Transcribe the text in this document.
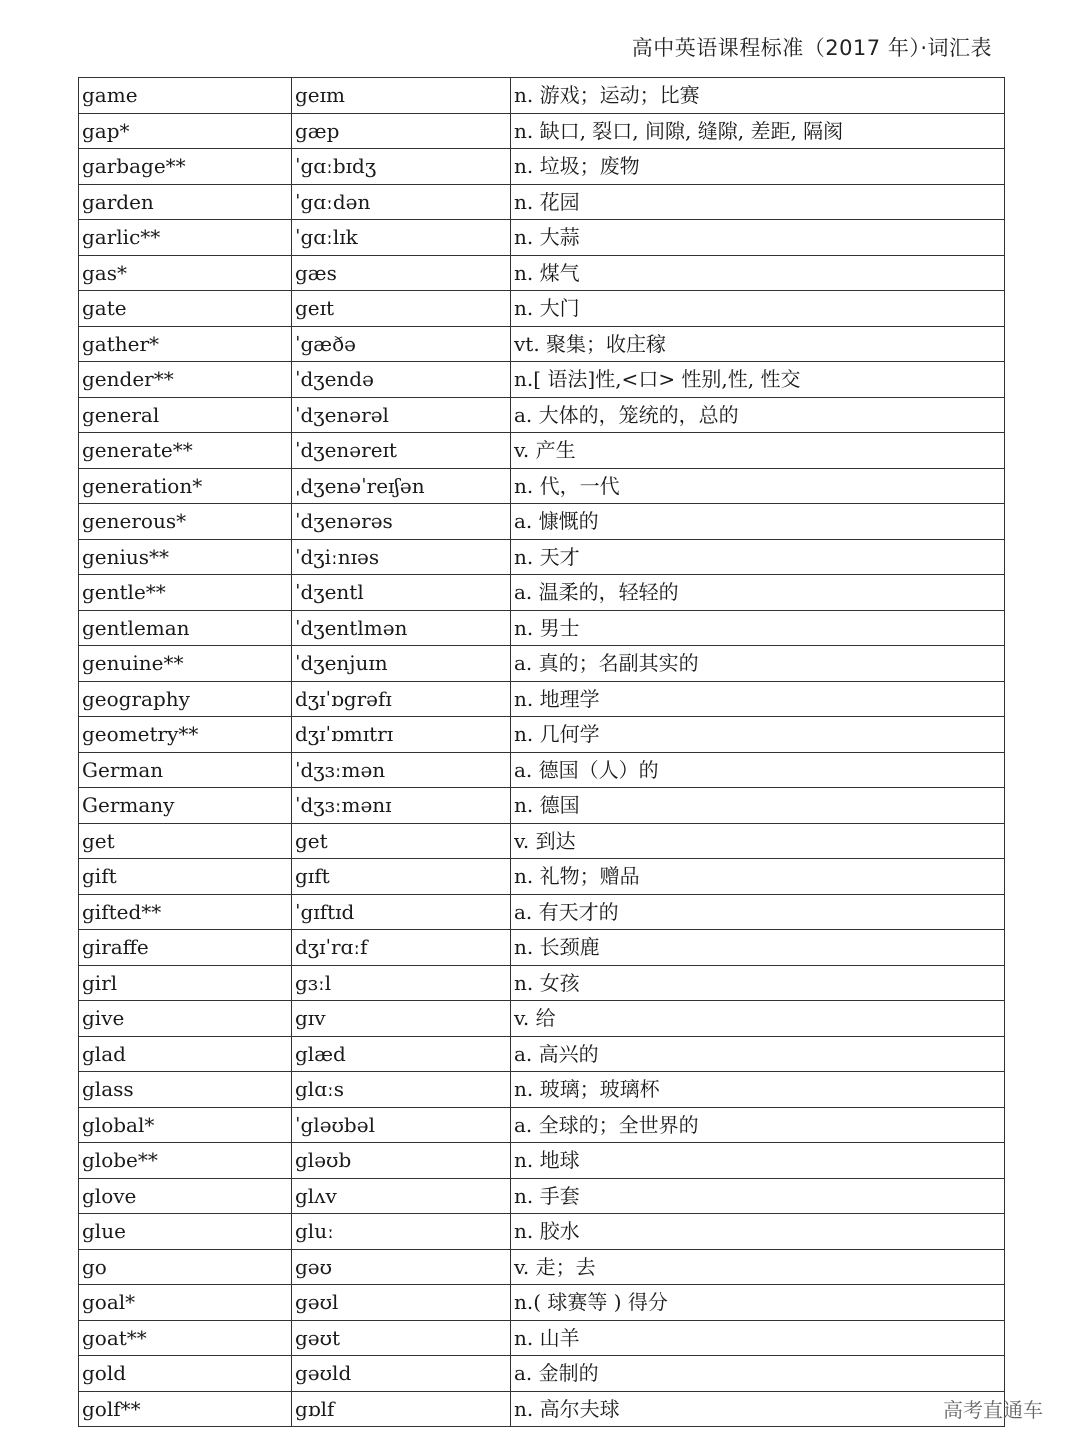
高中英语课程标准（2017 年）·词汇表
game	geɪm	n. 游戏；运动；比赛
gap*	gæp	n. 缺口, 裂口, 间隙, 缝隙, 差距, 隔阂
garbage**	ˈgɑːbɪdʒ	n. 垃圾；废物
garden	ˈgɑːdən	n. 花园
garlic**	ˈgɑːlɪk	n. 大蒜
gas*	gæs	n. 煤气
gate	geɪt	n. 大门
gather*	ˈgæðə	vt. 聚集；收庄稼
gender**	ˈdʒendə	n.[ 语法]性,<口> 性别,性, 性交
general	ˈdʒenərəl	a. 大体的，笼统的，总的
generate**	ˈdʒenəreɪt	v. 产生
generation*	ˌdʒenəˈreɪʃən	n. 代，一代
generous*	ˈdʒenərəs	a. 慷慨的
genius**	ˈdʒiːnɪəs	n. 天才
gentle**	ˈdʒentl	a. 温柔的，轻轻的
gentleman	ˈdʒentlmən	n. 男士
genuine**	ˈdʒenjuɪn	a. 真的；名副其实的
geography	dʒɪˈɒgrəfɪ	n. 地理学
geometry**	dʒɪˈɒmɪtrɪ	n. 几何学
German	ˈdʒɜːmən	a. 德国（人）的
Germany	ˈdʒɜːmənɪ	n. 德国
get	get	v. 到达
gift	gɪft	n. 礼物；赠品
gifted**	ˈgɪftɪd	a. 有天才的
giraffe	dʒɪˈrɑːf	n. 长颈鹿
girl	gɜːl	n. 女孩
give	gɪv	v. 给
glad	glæd	a. 高兴的
glass	glɑːs	n. 玻璃；玻璃杯
global*	ˈgləʊbəl	a. 全球的；全世界的
globe**	gləʊb	n. 地球
glove	glʌv	n. 手套
glue	gluː	n. 胶水
go	gəʊ	v. 走；去
goal*	gəʊl	n.( 球赛等 ) 得分
goat**	gəʊt	n. 山羊
gold	gəʊld	a. 金制的
golf**	gɒlf	n. 高尔夫球	高考直通车
